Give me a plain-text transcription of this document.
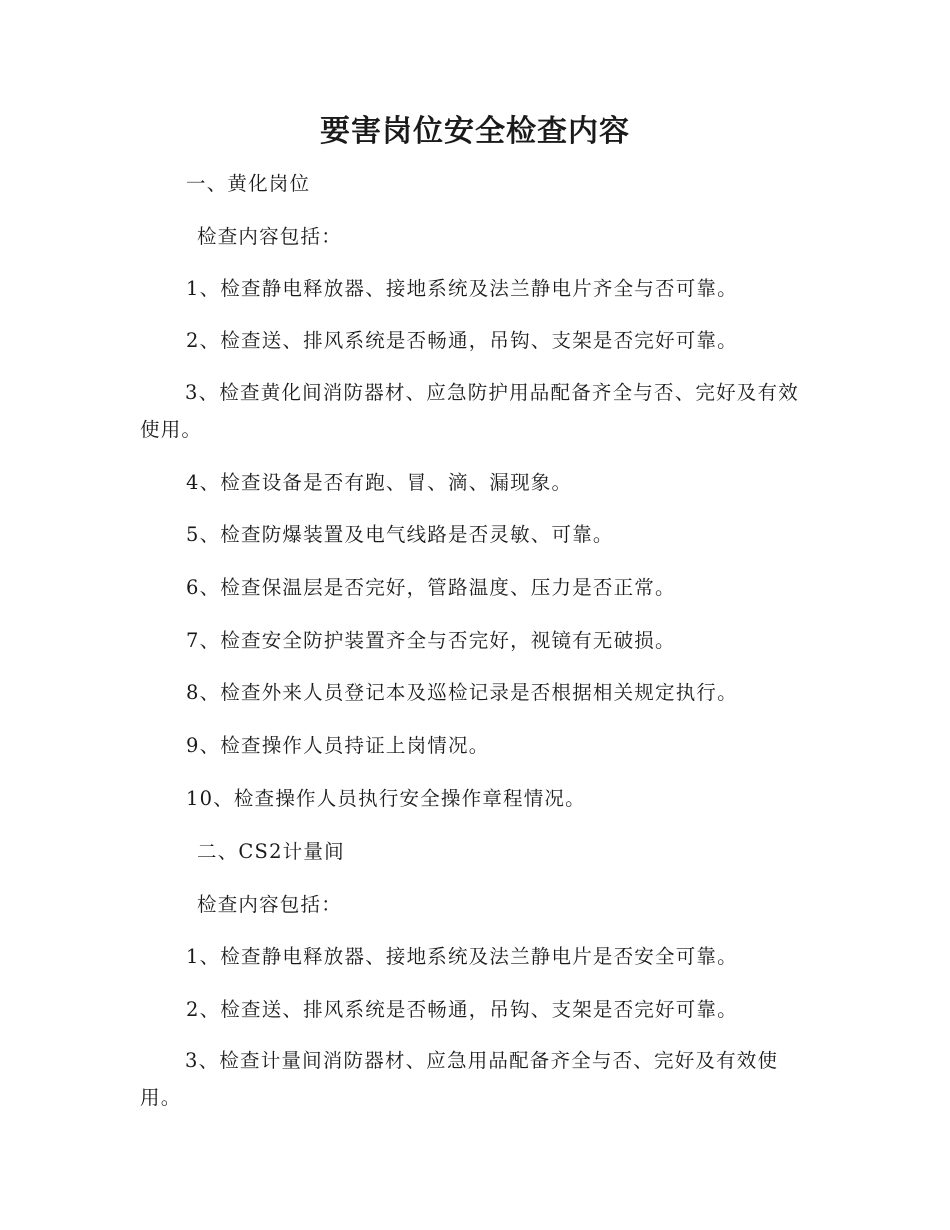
要害岗位安全检查内容
一、黄化岗位
检查内容包括：
1、检查静电释放器、接地系统及法兰静电片齐全与否可靠。
2、检查送、排风系统是否畅通，吊钩、支架是否完好可靠。
3、检查黄化间消防器材、应急防护用品配备齐全与否、完好及有效使用。
4、检查设备是否有跑、冒、滴、漏现象。
5、检查防爆装置及电气线路是否灵敏、可靠。
6、检查保温层是否完好，管路温度、压力是否正常。
7、检查安全防护装置齐全与否完好，视镜有无破损。
8、检查外来人员登记本及巡检记录是否根据相关规定执行。
9、检查操作人员持证上岗情况。
10、检查操作人员执行安全操作章程情况。
二、CS2计量间
检查内容包括：
1、检查静电释放器、接地系统及法兰静电片是否安全可靠。
2、检查送、排风系统是否畅通，吊钩、支架是否完好可靠。
3、检查计量间消防器材、应急用品配备齐全与否、完好及有效使用。
